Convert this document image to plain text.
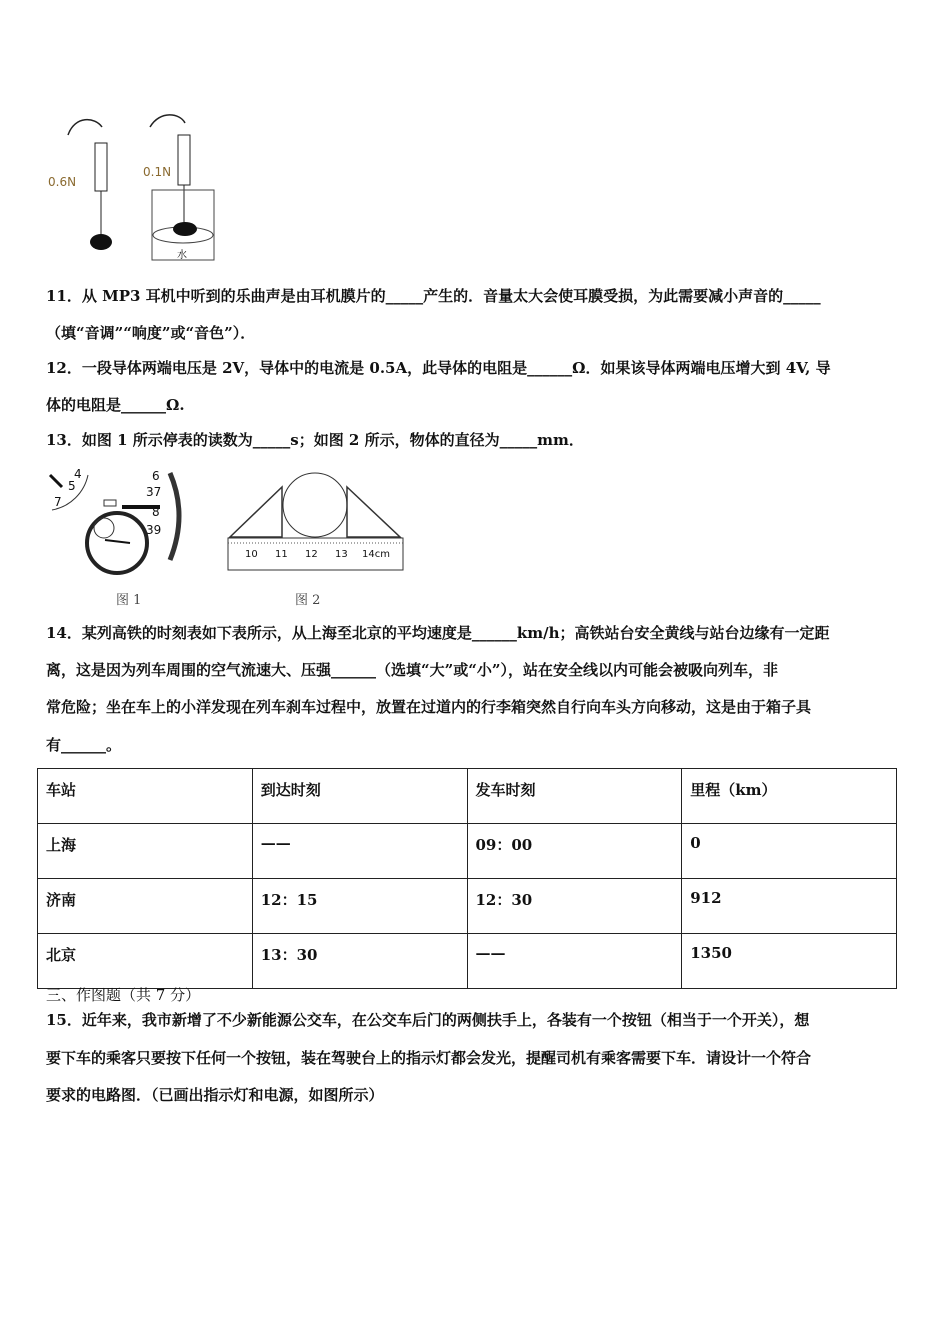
0.6N
0.1N
水
11．从 MP3 耳机中听到的乐曲声是由耳机膜片的_____产生的．音量太大会使耳膜受损，为此需要减小声音的_____
（填“音调”“响度”或“音色”）．
12．一段导体两端电压是 2V，导体中的电流是 0.5A，此导体的电阻是______Ω．如果该导体两端电压增大到 4V, 导
体的电阻是______Ω.
13．如图 1 所示停表的读数为_____s；如图 2 所示，物体的直径为_____mm．
4
5
7
6
37
8
39
图 1
10 11 12 13 14cm
图 2
14．某列高铁的时刻表如下表所示，从上海至北京的平均速度是______km/h；高铁站台安全黄线与站台边缘有一定距
离，这是因为列车周围的空气流速大、压强______（选填“大”或“小”），站在安全线以内可能会被吸向列车，非
常危险；坐在车上的小洋发现在列车刹车过程中，放置在过道内的行李箱突然自行向车头方向移动，这是由于箱子具
有______。
车站	到达时刻	发车时刻	里程（km）
上海	——	09：00	0
济南	12：15	12：30	912
北京	13：30	——	1350
三、作图题（共 7 分）
15．近年来，我市新增了不少新能源公交车，在公交车后门的两侧扶手上，各装有一个按钮（相当于一个开关），想
要下车的乘客只要按下任何一个按钮，装在驾驶台上的指示灯都会发光，提醒司机有乘客需要下车．请设计一个符合
要求的电路图．（已画出指示灯和电源，如图所示）
